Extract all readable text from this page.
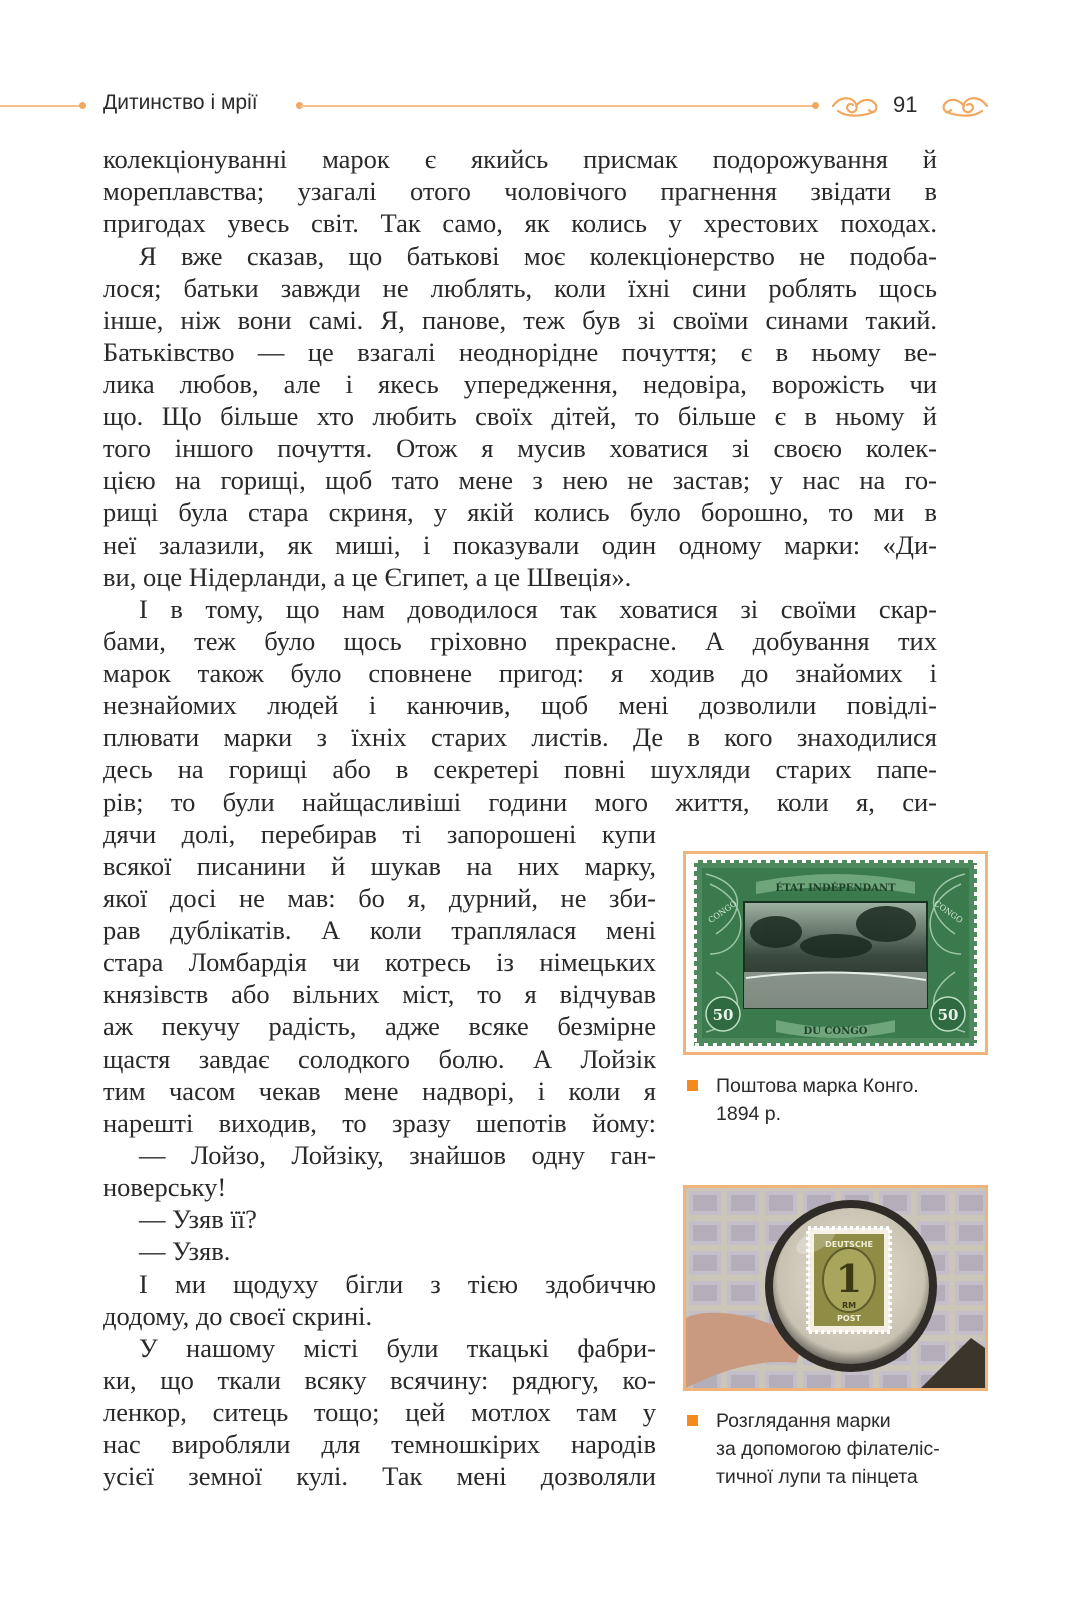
Дитинство і мрії	91
колекціонуванні марок є якийсь присмак подорожування й
мореплавства; узагалі отого чоловічого прагнення звідати в
пригодах увесь світ. Так само, як колись у хрестових походах.
Я вже сказав, що батькові моє колекціонерство не подоба-
лося; батьки завжди не люблять, коли їхні сини роблять щось
інше, ніж вони самі. Я, панове, теж був зі своїми синами такий.
Батьківство — це взагалі неоднорідне почуття; є в ньому ве-
лика любов, але і якесь упередження, недовіра, ворожість чи
що. Що більше хто любить своїх дітей, то більше є в ньому й
того іншого почуття. Отож я мусив ховатися зі своєю колек-
цією на горищі, щоб тато мене з нею не застав; у нас на го-
рищі була стара скриня, у якій колись було борошно, то ми в
неї залазили, як миші, і показували один одному марки: «Ди-
ви, оце Нідерланди, а це Єгипет, а це Швеція».
І в тому, що нам доводилося так ховатися зі своїми скар-
бами, теж було щось гріховно прекрасне. А добування тих
марок також було сповнене пригод: я ходив до знайомих і
незнайомих людей і канючив, щоб мені дозволили повідлі-
плювати марки з їхніх старих листів. Де в кого знаходилися
десь на горищі або в секретері повні шухляди старих папе-
рів; то були найщасливіші години мого життя, коли я, си-
дячи долі, перебирав ті запорошені купи
всякої писанини й шукав на них марку,
якої досі не мав: бо я, дурний, не зби-
рав дублікатів. А коли траплялася мені
стара Ломбардія чи котресь із німецьких
князівств або вільних міст, то я відчував
аж пекучу радість, адже всяке безмірне
щастя завдає солодкого болю. А Лойзік
тим часом чекав мене надворі, і коли я
нарешті виходив, то зразу шепотів йому:
— Лойзо, Лойзіку, знайшов одну ган-
новерську!
— Узяв її?
— Узяв.
І ми щодуху бігли з тією здобиччю
додому, до своєї скрині.
У нашому місті були ткацькі фабри-
ки, що ткали всяку всячину: рядюгу, ко-
ленкор, ситець тощо; цей мотлох там у
нас виробляли для темношкірих народів
усієї земної кулі. Так мені дозволяли
ÉTAT INDÉPENDANT
50	50
DU CONGO
CONGO	CONGO
Поштова марка Конго.
1894 р.
DEUTSCHE
1
RM
POST
Розглядання марки
за допомогою філателіс-
тичної лупи та пінцета
